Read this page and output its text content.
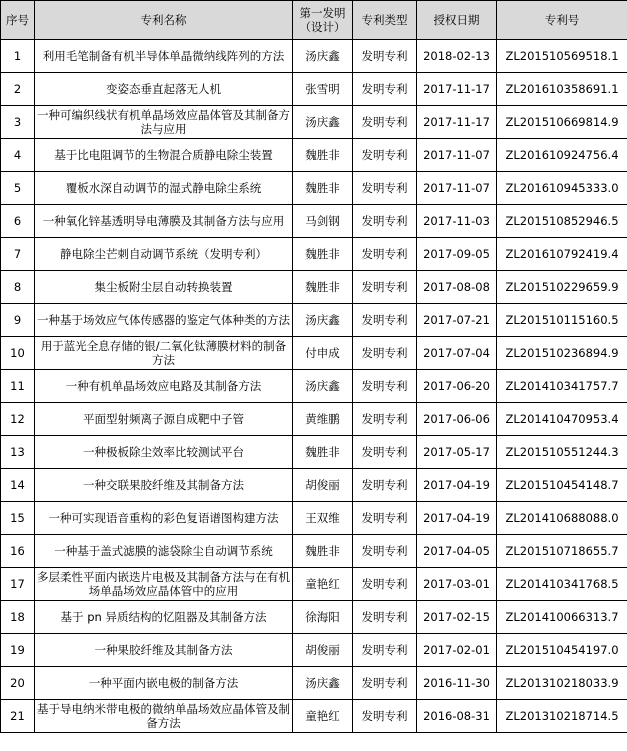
序号	专利名称	第一发明（设计）	专利类型	授权日期	专利号
1	利用毛笔制备有机半导体单晶微纳线阵列的方法	汤庆鑫	发明专利	2018-02-13	ZL201510569518.1
2	变姿态垂直起落无人机	张雪明	发明专利	2017-11-17	ZL201610358691.1
3	一种可编织线状有机单晶场效应晶体管及其制备方法与应用	汤庆鑫	发明专利	2017-11-17	ZL201510669814.9
4	基于比电阻调节的生物混合质静电除尘装置	魏胜非	发明专利	2017-11-07	ZL201610924756.4
5	覆板水深自动调节的湿式静电除尘系统	魏胜非	发明专利	2017-11-07	ZL201610945333.0
6	一种氧化锌基透明导电薄膜及其制备方法与应用	马剑钢	发明专利	2017-11-03	ZL201510852946.5
7	静电除尘芒刺自动调节系统（发明专利）	魏胜非	发明专利	2017-09-05	ZL201610792419.4
8	集尘板附尘层自动转换装置	魏胜非	发明专利	2017-08-08	ZL201510229659.9
9	一种基于场效应气体传感器的鉴定气体种类的方法	汤庆鑫	发明专利	2017-07-21	ZL201510115160.5
10	用于蓝光全息存储的银/二氧化钛薄膜材料的制备方法	付申成	发明专利	2017-07-04	ZL201510236894.9
11	一种有机单晶场效应电路及其制备方法	汤庆鑫	发明专利	2017-06-20	ZL201410341757.7
12	平面型射频离子源自成靶中子管	黄维鹏	发明专利	2017-06-06	ZL201410470953.4
13	一种极板除尘效率比较测试平台	魏胜非	发明专利	2017-05-17	ZL201510551244.3
14	一种交联果胶纤维及其制备方法	胡俊丽	发明专利	2017-04-19	ZL201510454148.7
15	一种可实现语音重构的彩色复语谱图构建方法	王双维	发明专利	2017-04-19	ZL201410688088.0
16	一种基于盖式滤膜的滤袋除尘自动调节系统	魏胜非	发明专利	2017-04-05	ZL201510718655.7
17	多层柔性平面内嵌迭片电极及其制备方法与在有机场单晶场效应晶体管中的应用	童艳红	发明专利	2017-03-01	ZL201410341768.5
18	基于 pn 异质结构的忆阻器及其制备方法	徐海阳	发明专利	2017-02-15	ZL201410066313.7
19	一种果胶纤维及其制备方法	胡俊丽	发明专利	2017-02-01	ZL201510454197.0
20	一种平面内嵌电极的制备方法	汤庆鑫	发明专利	2016-11-30	ZL201310218033.9
21	基于导电纳米带电极的微纳单晶场效应晶体管及制备方法	童艳红	发明专利	2016-08-31	ZL201310218714.5
